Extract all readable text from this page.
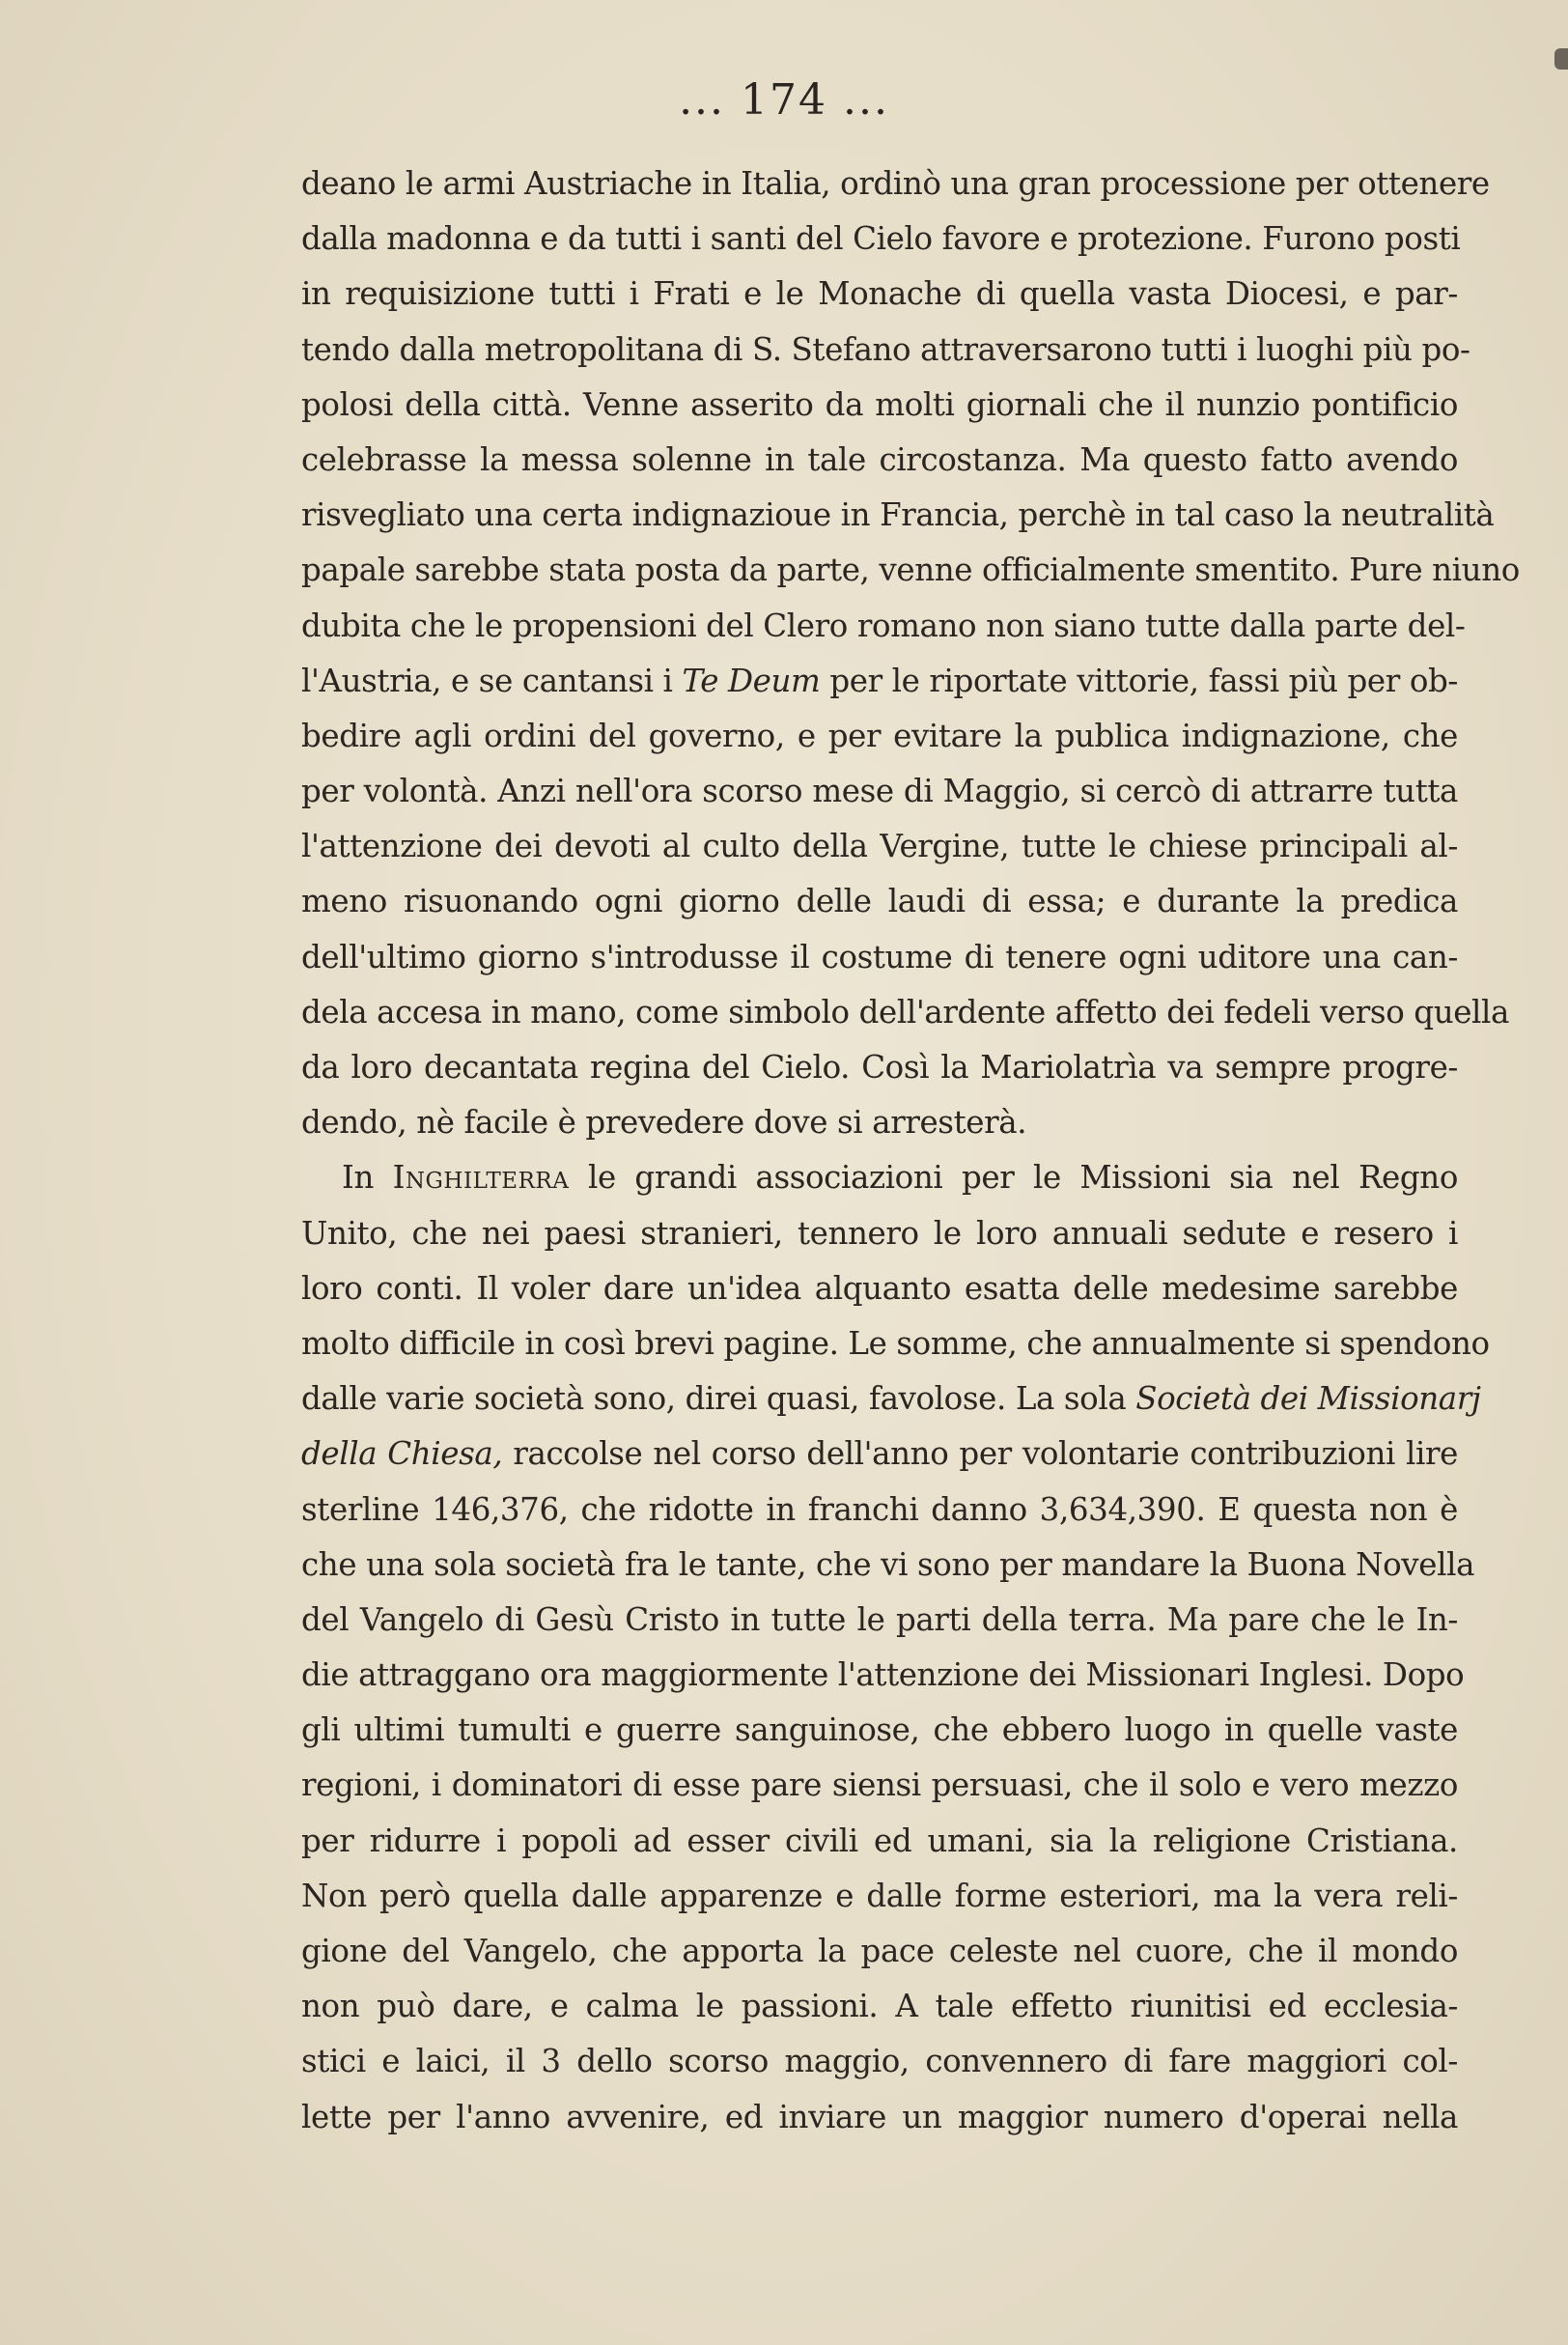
... 174 ...
deano le armi Austriache in Italia, ordinò una gran processione per ottenere
dalla madonna e da tutti i santi del Cielo favore e protezione. Furono posti
in requisizione tutti i Frati e le Monache di quella vasta Diocesi, e par-
tendo dalla metropolitana di S. Stefano attraversarono tutti i luoghi più po-
polosi della città. Venne asserito da molti giornali che il nunzio pontificio
celebrasse la messa solenne in tale circostanza. Ma questo fatto avendo
risvegliato una certa indignazioue in Francia, perchè in tal caso la neutralità
papale sarebbe stata posta da parte, venne officialmente smentito. Pure niuno
dubita che le propensioni del Clero romano non siano tutte dalla parte del-
l'Austria, e se cantansi i Te Deum per le riportate vittorie, fassi più per ob-
bedire agli ordini del governo, e per evitare la publica indignazione, che
per volontà. Anzi nell'ora scorso mese di Maggio, si cercò di attrarre tutta
l'attenzione dei devoti al culto della Vergine, tutte le chiese principali al-
meno risuonando ogni giorno delle laudi di essa; e durante la predica
dell'ultimo giorno s'introdusse il costume di tenere ogni uditore una can-
dela accesa in mano, come simbolo dell'ardente affetto dei fedeli verso quella
da loro decantata regina del Cielo. Così la Mariolatrìa va sempre progre-
dendo, nè facile è prevedere dove si arresterà.
In Inghilterra le grandi associazioni per le Missioni sia nel Regno
Unito, che nei paesi stranieri, tennero le loro annuali sedute e resero i
loro conti. Il voler dare un'idea alquanto esatta delle medesime sarebbe
molto difficile in così brevi pagine. Le somme, che annualmente si spendono
dalle varie società sono, direi quasi, favolose. La sola Società dei Missionarj
della Chiesa, raccolse nel corso dell'anno per volontarie contribuzioni lire
sterline 146,376, che ridotte in franchi danno 3,634,390. E questa non è
che una sola società fra le tante, che vi sono per mandare la Buona Novella
del Vangelo di Gesù Cristo in tutte le parti della terra. Ma pare che le In-
die attraggano ora maggiormente l'attenzione dei Missionari Inglesi. Dopo
gli ultimi tumulti e guerre sanguinose, che ebbero luogo in quelle vaste
regioni, i dominatori di esse pare siensi persuasi, che il solo e vero mezzo
per ridurre i popoli ad esser civili ed umani, sia la religione Cristiana.
Non però quella dalle apparenze e dalle forme esteriori, ma la vera reli-
gione del Vangelo, che apporta la pace celeste nel cuore, che il mondo
non può dare, e calma le passioni. A tale effetto riunitisi ed ecclesia-
stici e laici, il 3 dello scorso maggio, convennero di fare maggiori col-
lette per l'anno avvenire, ed inviare un maggior numero d'operai nella
